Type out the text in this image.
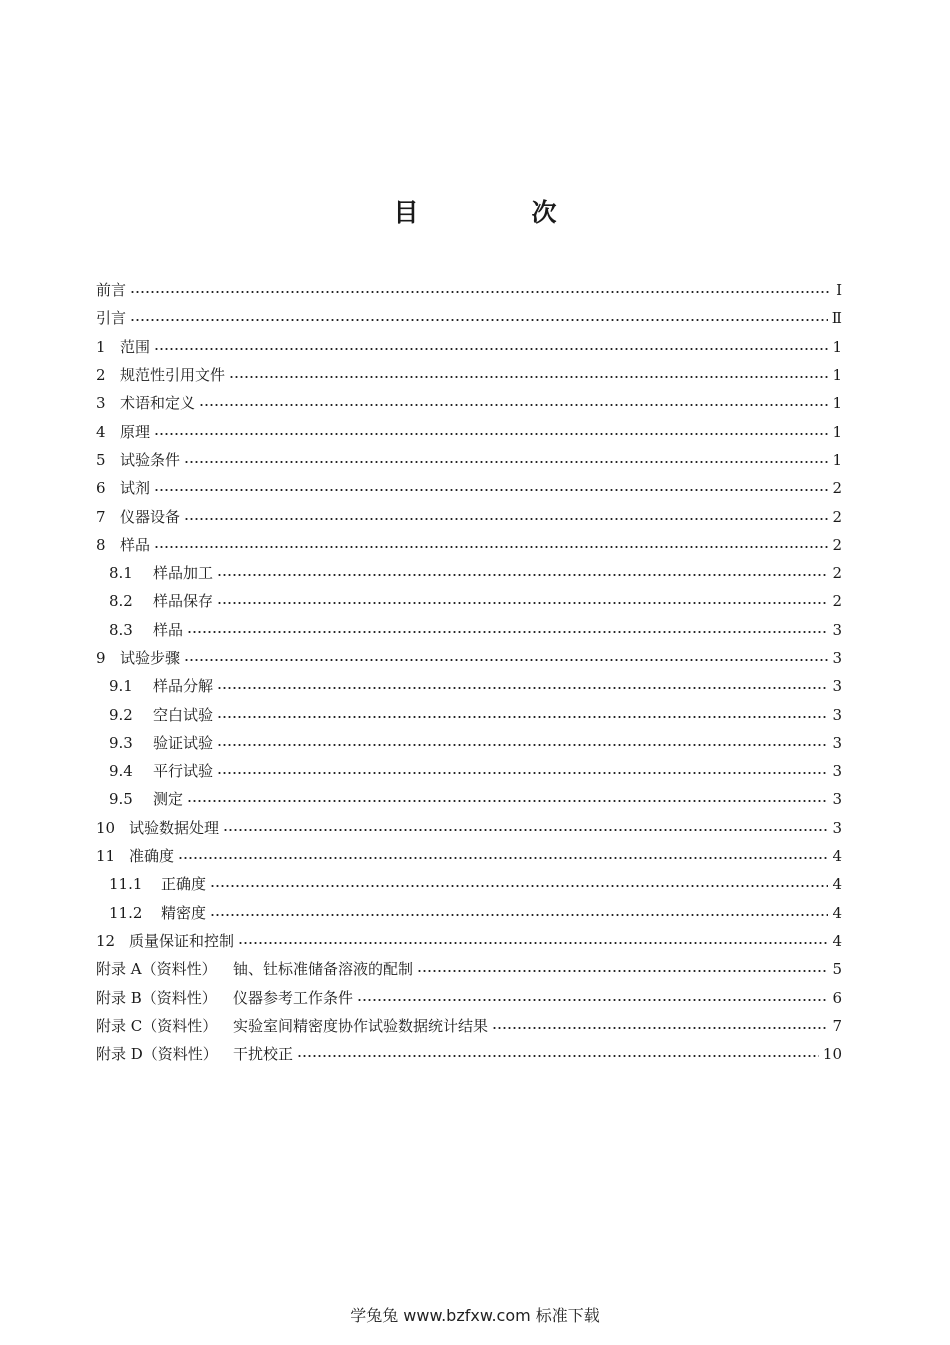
目　次
前言	Ⅰ
引言	Ⅱ
1 范围	1
2 规范性引用文件	1
3 术语和定义	1
4 原理	1
5 试验条件	1
6 试剂	2
7 仪器设备	2
8 样品	2
8.1	样品加工	2
8.2	样品保存	2
8.3	样品	3
9 试验步骤	3
9.1	样品分解	3
9.2	空白试验	3
9.3	验证试验	3
9.4	平行试验	3
9.5	测定	3
10 试验数据处理	3
11 准确度	4
11.1	正确度	4
11.2	精密度	4
12 质量保证和控制	4
附录 A（资料性）	铀、钍标准储备溶液的配制	5
附录 B（资料性）	仪器参考工作条件	6
附录 C（资料性）	实验室间精密度协作试验数据统计结果	7
附录 D（资料性）	干扰校正	10
学兔兔 www.bzfxw.com 标准下载
